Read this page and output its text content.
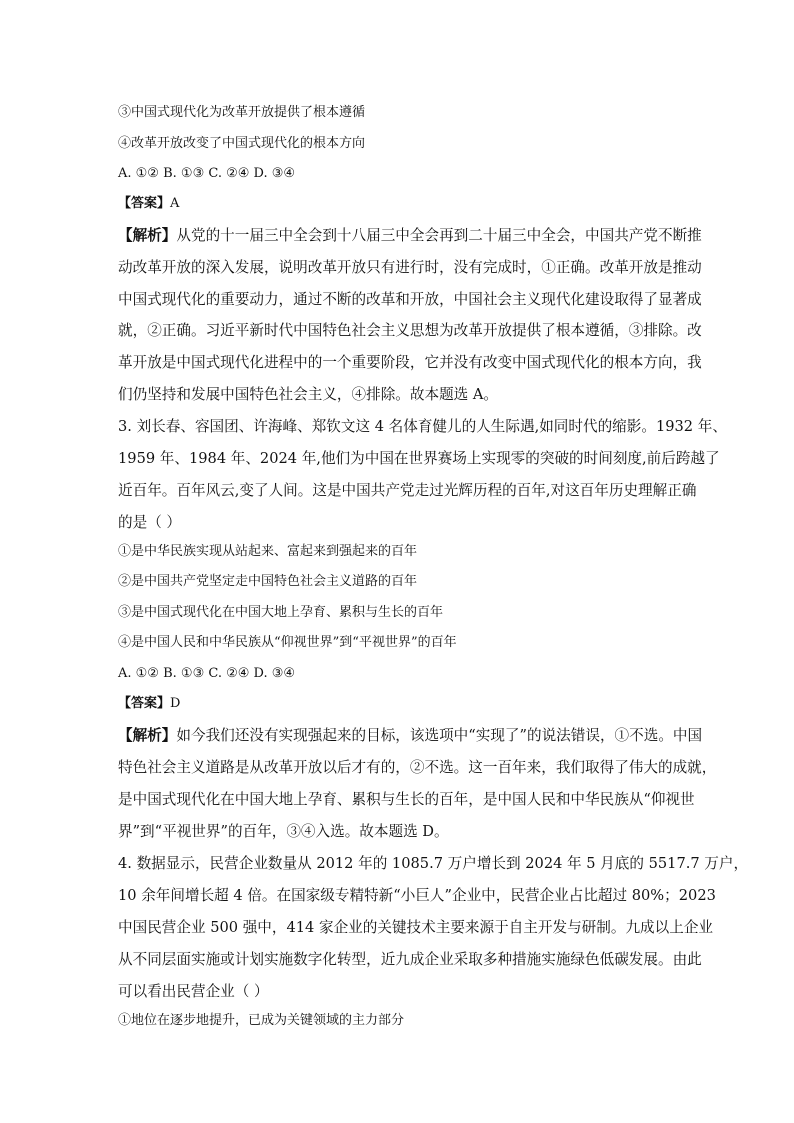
③中国式现代化为改革开放提供了根本遵循
④改革开放改变了中国式现代化的根本方向
A. ①② B. ①③ C. ②④ D. ③④
【答案】A
【解析】从党的十一届三中全会到十八届三中全会再到二十届三中全会，中国共产党不断推
动改革开放的深入发展，说明改革开放只有进行时，没有完成时，①正确。改革开放是推动
中国式现代化的重要动力，通过不断的改革和开放，中国社会主义现代化建设取得了显著成
就，②正确。习近平新时代中国特色社会主义思想为改革开放提供了根本遵循，③排除。改
革开放是中国式现代化进程中的一个重要阶段，它并没有改变中国式现代化的根本方向，我
们仍坚持和发展中国特色社会主义，④排除。故本题选 A。
3. 刘长春、容国团、许海峰、郑钦文这 4 名体育健儿的人生际遇,如同时代的缩影。1932 年、
1959 年、1984 年、2024 年,他们为中国在世界赛场上实现零的突破的时间刻度,前后跨越了
近百年。百年风云,变了人间。这是中国共产党走过光辉历程的百年,对这百年历史理解正确
的是（ ）
①是中华民族实现从站起来、富起来到强起来的百年
②是中国共产党坚定走中国特色社会主义道路的百年
③是中国式现代化在中国大地上孕育、累积与生长的百年
④是中国人民和中华民族从“仰视世界”到“平视世界”的百年
A. ①② B. ①③ C. ②④ D. ③④
【答案】D
【解析】如今我们还没有实现强起来的目标，该选项中“实现了”的说法错误，①不选。中国
特色社会主义道路是从改革开放以后才有的，②不选。这一百年来，我们取得了伟大的成就，
是中国式现代化在中国大地上孕育、累积与生长的百年，是中国人民和中华民族从“仰视世
界”到“平视世界”的百年，③④入选。故本题选 D。
4. 数据显示，民营企业数量从 2012 年的 1085.7 万户增长到 2024 年 5 月底的 5517.7 万户，
10 余年间增长超 4 倍。在国家级专精特新“小巨人”企业中，民营企业占比超过 80%；2023
中国民营企业 500 强中，414 家企业的关键技术主要来源于自主开发与研制。九成以上企业
从不同层面实施或计划实施数字化转型，近九成企业采取多种措施实施绿色低碳发展。由此
可以看出民营企业（ ）
①地位在逐步地提升，已成为关键领域的主力部分
